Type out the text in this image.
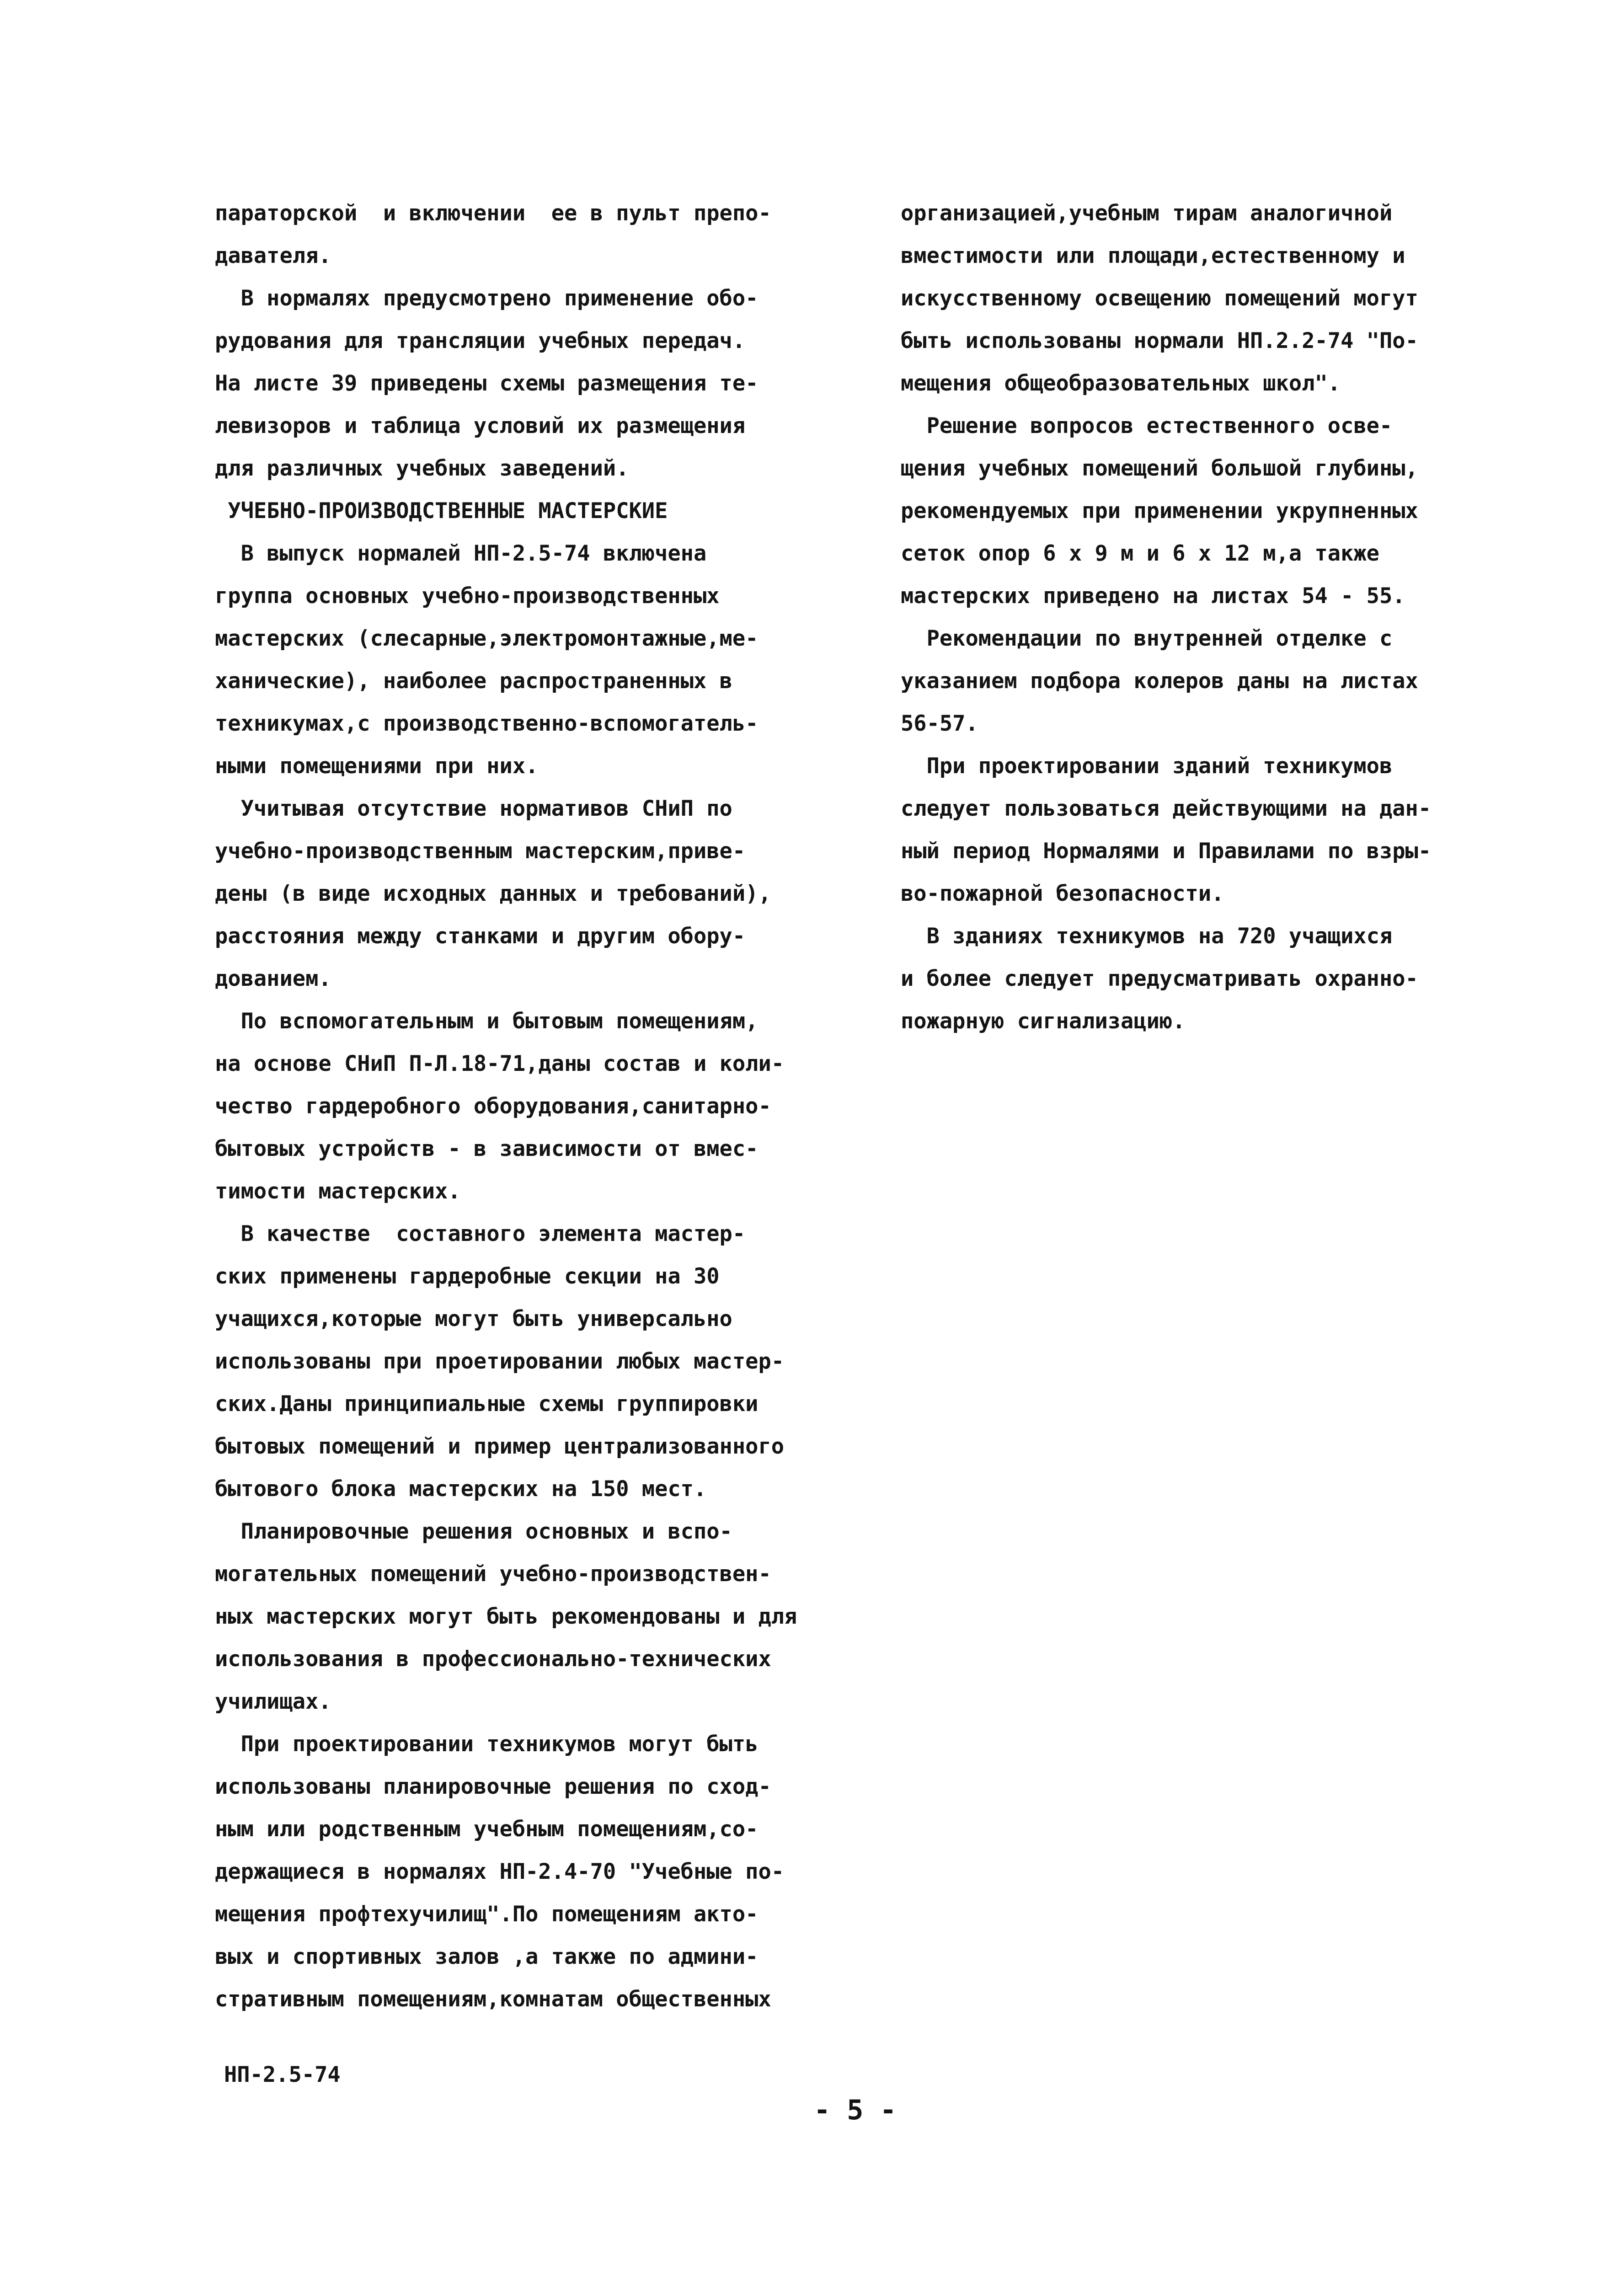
параторской  и включении  ее в пульт препо-
давателя.
В нормалях предусмотрено применение обо-
рудования для трансляции учебных передач.
На листе 39 приведены схемы размещения те-
левизоров и таблица условий их размещения
для различных учебных заведений.
УЧЕБНО-ПРОИЗВОДСТВЕННЫЕ МАСТЕРСКИЕ
В выпуск нормалей НП-2.5-74 включена
группа основных учебно-производственных
мастерских (слесарные,электромонтажные,ме-
ханические), наиболее распространенных в
техникумах,с производственно-вспомогатель-
ными помещениями при них.
Учитывая отсутствие нормативов СНиП по
учебно-производственным мастерским,приве-
дены (в виде исходных данных и требований),
расстояния между станками и другим обору-
дованием.
По вспомогательным и бытовым помещениям,
на основе СНиП П-Л.18-71,даны состав и коли-
чество гардеробного оборудования,санитарно-
бытовых устройств - в зависимости от вмес-
тимости мастерских.
В качестве  составного элемента мастер-
ских применены гардеробные секции на 30
учащихся,которые могут быть универсально
использованы при проетировании любых мастер-
ских.Даны принципиальные схемы группировки
бытовых помещений и пример централизованного
бытового блока мастерских на 150 мест.
Планировочные решения основных и вспо-
могательных помещений учебно-производствен-
ных мастерских могут быть рекомендованы и для
использования в профессионально-технических
училищах.
При проектировании техникумов могут быть
использованы планировочные решения по сход-
ным или родственным учебным помещениям,со-
держащиеся в нормалях НП-2.4-70 "Учебные по-
мещения профтехучилищ".По помещениям акто-
вых и спортивных залов ,а также по админи-
стративным помещениям,комнатам общественных
организацией,учебным тирам аналогичной
вместимости или площади,естественному и
искусственному освещению помещений могут
быть использованы нормали НП.2.2-74 "По-
мещения общеобразовательных школ".
Решение вопросов естественного осве-
щения учебных помещений большой глубины,
рекомендуемых при применении укрупненных
сеток опор 6 x 9 м и 6 x 12 м,а также
мастерских приведено на листах 54 - 55.
Рекомендации по внутренней отделке с
указанием подбора колеров даны на листах
56-57.
При проектировании зданий техникумов
следует пользоваться действующими на дан-
ный период Нормалями и Правилами по взры-
во-пожарной безопасности.
В зданиях техникумов на 720 учащихся
и более следует предусматривать охранно-
пожарную сигнализацию.
НП-2.5-74
- 5 -
